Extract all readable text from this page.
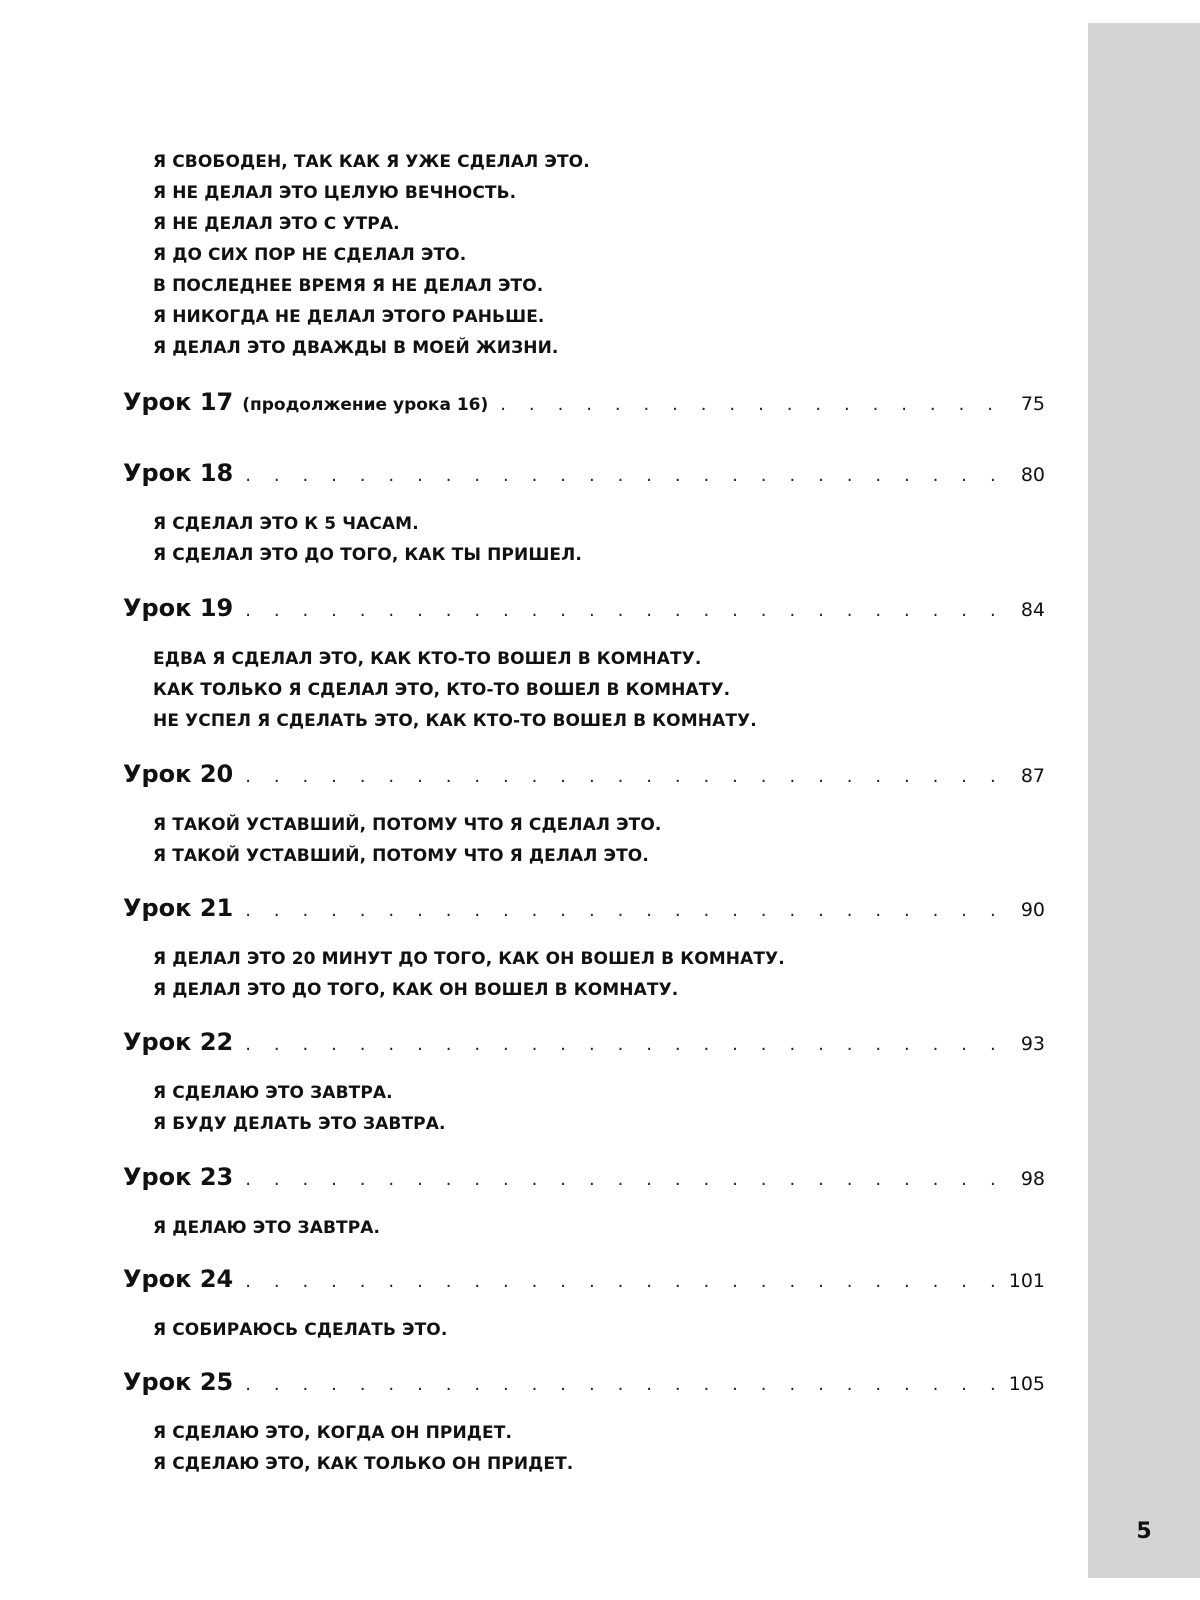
5
Я СВОБОДЕН, ТАК КАК Я УЖЕ СДЕЛАЛ ЭТО.
Я НЕ ДЕЛАЛ ЭТО ЦЕЛУЮ ВЕЧНОСТЬ.
Я НЕ ДЕЛАЛ ЭТО С УТРА.
Я ДО СИХ ПОР НЕ СДЕЛАЛ ЭТО.
В ПОСЛЕДНЕЕ ВРЕМЯ Я НЕ ДЕЛАЛ ЭТО.
Я НИКОГДА НЕ ДЕЛАЛ ЭТОГО РАНЬШЕ.
Я ДЕЛАЛ ЭТО ДВАЖДЫ В МОЕЙ ЖИЗНИ.
Урок 17 (продолжение урока 16) . . .	75
Урок 18 . . .	80
Я СДЕЛАЛ ЭТО К 5 ЧАСАМ.
Я СДЕЛАЛ ЭТО ДО ТОГО, КАК ТЫ ПРИШЕЛ.
Урок 19 . . .	84
ЕДВА Я СДЕЛАЛ ЭТО, КАК КТО-ТО ВОШЕЛ В КОМНАТУ.
КАК ТОЛЬКО Я СДЕЛАЛ ЭТО, КТО-ТО ВОШЕЛ В КОМНАТУ.
НЕ УСПЕЛ Я СДЕЛАТЬ ЭТО, КАК КТО-ТО ВОШЕЛ В КОМНАТУ.
Урок 20 . . .	87
Я ТАКОЙ УСТАВШИЙ, ПОТОМУ ЧТО Я СДЕЛАЛ ЭТО.
Я ТАКОЙ УСТАВШИЙ, ПОТОМУ ЧТО Я ДЕЛАЛ ЭТО.
Урок 21 . . .	90
Я ДЕЛАЛ ЭТО 20 МИНУТ ДО ТОГО, КАК ОН ВОШЕЛ В КОМНАТУ.
Я ДЕЛАЛ ЭТО ДО ТОГО, КАК ОН ВОШЕЛ В КОМНАТУ.
Урок 22 . . .	93
Я СДЕЛАЮ ЭТО ЗАВТРА.
Я БУДУ ДЕЛАТЬ ЭТО ЗАВТРА.
Урок 23 . . .	98
Я ДЕЛАЮ ЭТО ЗАВТРА.
Урок 24 . . .	101
Я СОБИРАЮСЬ СДЕЛАТЬ ЭТО.
Урок 25 . . .	105
Я СДЕЛАЮ ЭТО, КОГДА ОН ПРИДЕТ.
Я СДЕЛАЮ ЭТО, КАК ТОЛЬКО ОН ПРИДЕТ.
